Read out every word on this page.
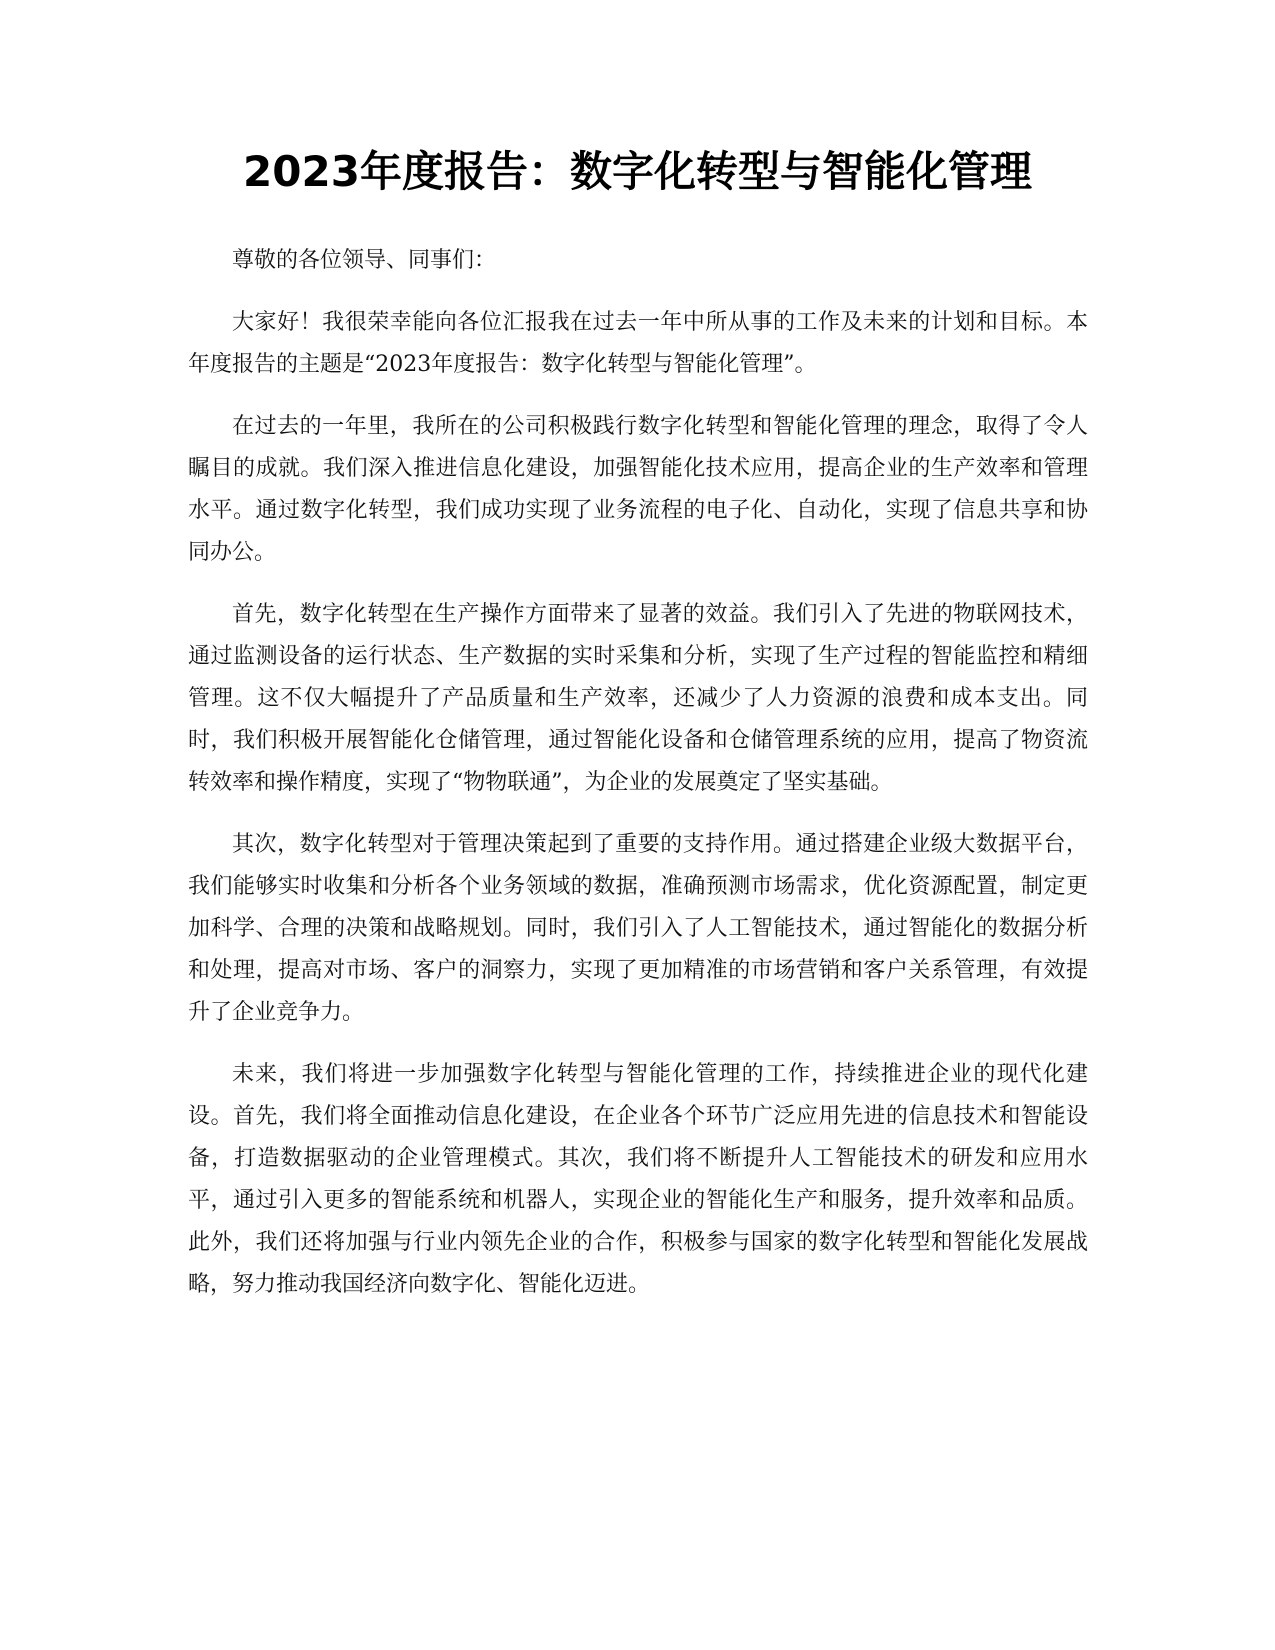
2023年度报告：数字化转型与智能化管理

尊敬的各位领导、同事们：

大家好！我很荣幸能向各位汇报我在过去一年中所从事的工作及未来的计划和目标。本年度报告的主题是“2023年度报告：数字化转型与智能化管理”。

在过去的一年里，我所在的公司积极践行数字化转型和智能化管理的理念，取得了令人瞩目的成就。我们深入推进信息化建设，加强智能化技术应用，提高企业的生产效率和管理水平。通过数字化转型，我们成功实现了业务流程的电子化、自动化，实现了信息共享和协同办公。

首先，数字化转型在生产操作方面带来了显著的效益。我们引入了先进的物联网技术，通过监测设备的运行状态、生产数据的实时采集和分析，实现了生产过程的智能监控和精细管理。这不仅大幅提升了产品质量和生产效率，还减少了人力资源的浪费和成本支出。同时，我们积极开展智能化仓储管理，通过智能化设备和仓储管理系统的应用，提高了物资流转效率和操作精度，实现了“物物联通”，为企业的发展奠定了坚实基础。

其次，数字化转型对于管理决策起到了重要的支持作用。通过搭建企业级大数据平台，我们能够实时收集和分析各个业务领域的数据，准确预测市场需求，优化资源配置，制定更加科学、合理的决策和战略规划。同时，我们引入了人工智能技术，通过智能化的数据分析和处理，提高对市场、客户的洞察力，实现了更加精准的市场营销和客户关系管理，有效提升了企业竞争力。

未来，我们将进一步加强数字化转型与智能化管理的工作，持续推进企业的现代化建设。首先，我们将全面推动信息化建设，在企业各个环节广泛应用先进的信息技术和智能设备，打造数据驱动的企业管理模式。其次，我们将不断提升人工智能技术的研发和应用水平，通过引入更多的智能系统和机器人，实现企业的智能化生产和服务，提升效率和品质。此外，我们还将加强与行业内领先企业的合作，积极参与国家的数字化转型和智能化发展战略，努力推动我国经济向数字化、智能化迈进。
